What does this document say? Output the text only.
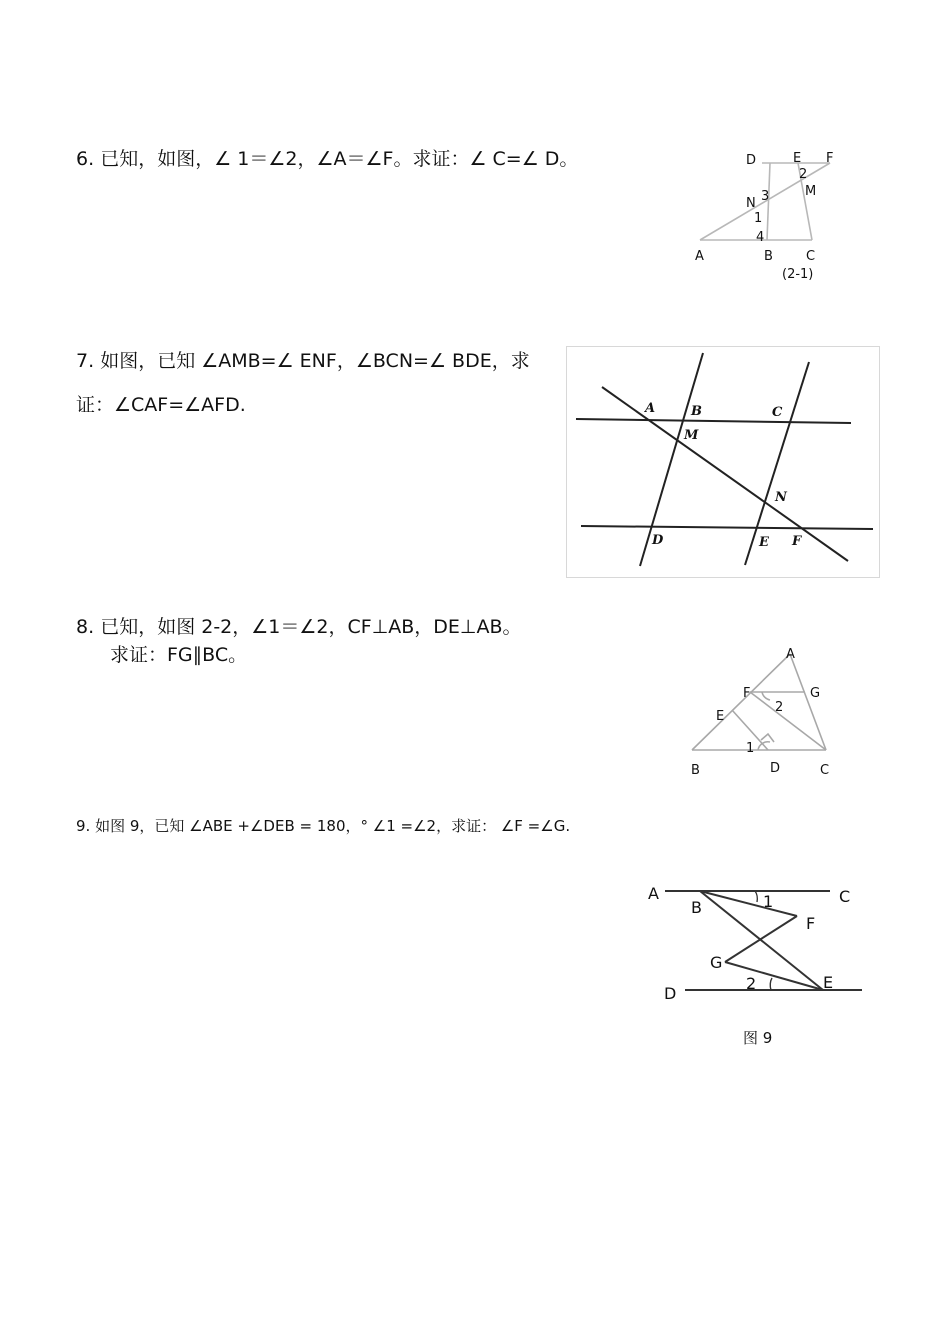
6. 已知，如图，∠ 1＝∠2，∠A＝∠F。求证：∠ C=∠ D。	D	E F
2
M
3
N
1
4
A	B	C
(2-1)
7. 如图，已知 ∠AMB=∠ ENF，∠BCN=∠ BDE，求
证：∠CAF=∠AFD.	A	B	C
M
N
D	E F
8. 已知，如图 2-2，∠1＝∠2，CF⊥AB，DE⊥AB。
求证：FG∥BC。	A
F	G
2
E
1
B	D	C
9. 如图 9，已知 ∠ABE +∠DEB = 180，° ∠1 =∠2，求证： ∠F =∠G.
A
B	1	C
F
G
2	E
D
图 9
